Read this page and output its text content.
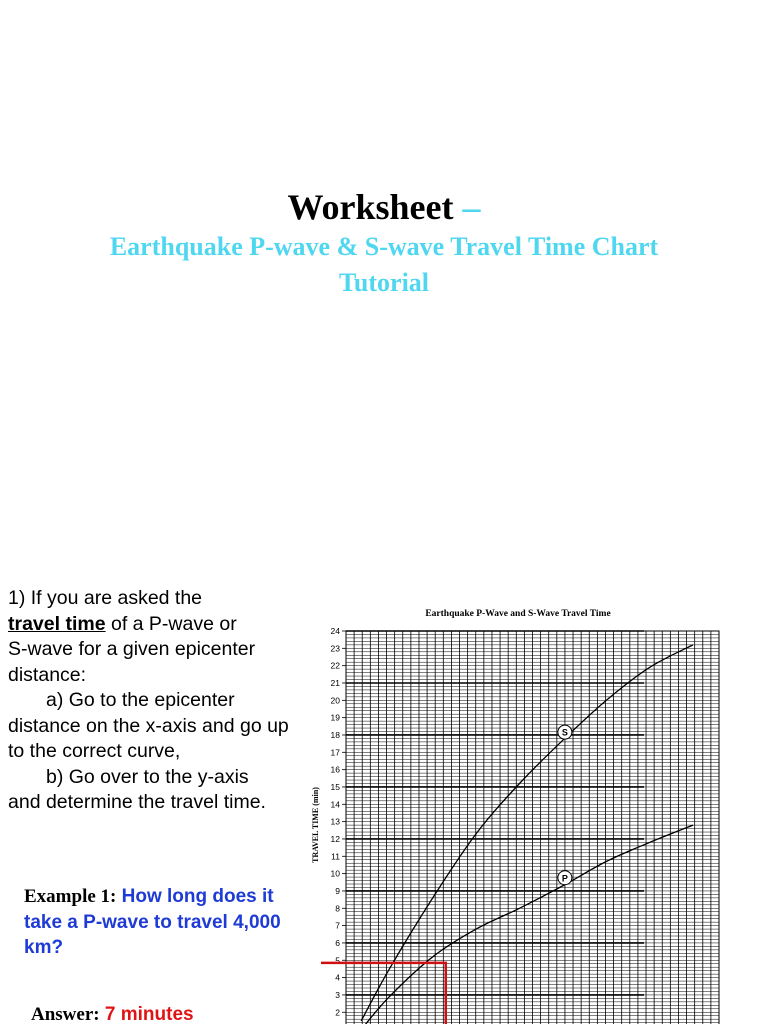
Worksheet –
Earthquake P-wave & S-wave Travel Time Chart
Tutorial

1) If you are asked the

travel time of a P-wave or

S-wave for a given epicenter distance:

a) Go to the epicenter

distance on the x-axis and go up to the correct curve,

b) Go over to the y-axis

and determine the travel time.

Example 1: How long does it take a P-wave to travel 4,000 km?
Answer: 7 minutes
Earthquake P-Wave and S-Wave Travel Time
TRAVEL TIME (min)
2
3
4
5
6
7
8
9
10
11
12
13
14
15
16
17
18
19
20
21
22
23
24
S
P
